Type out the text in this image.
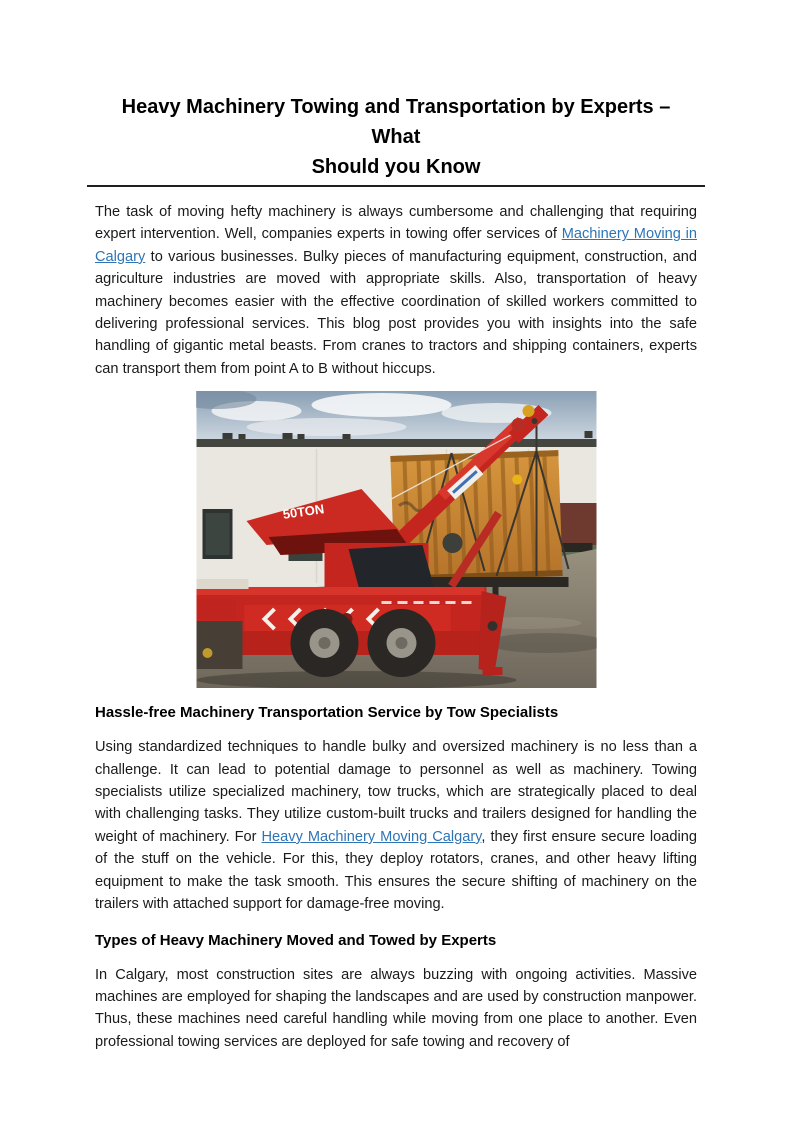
Heavy Machinery Towing and Transportation by Experts – What
Should you Know

The task of moving hefty machinery is always cumbersome and challenging that requiring expert intervention. Well, companies experts in towing offer services of Machinery Moving in Calgary to various businesses. Bulky pieces of manufacturing equipment, construction, and agriculture industries are moved with appropriate skills. Also, transportation of heavy machinery becomes easier with the effective coordination of skilled workers committed to delivering professional services. This blog post provides you with insights into the safe handling of gigantic metal beasts. From cranes to tractors and shipping containers, experts can transport them from point A to B without hiccups.

50TON
Hassle-free Machinery Transportation Service by Tow Specialists

Using standardized techniques to handle bulky and oversized machinery is no less than a challenge. It can lead to potential damage to personnel as well as machinery. Towing specialists utilize specialized machinery, tow trucks, which are strategically placed to deal with challenging tasks. They utilize custom-built trucks and trailers designed for handling the weight of machinery. For Heavy Machinery Moving Calgary, they first ensure secure loading of the stuff on the vehicle. For this, they deploy rotators, cranes, and other heavy lifting equipment to make the task smooth. This ensures the secure shifting of machinery on the trailers with attached support for damage-free moving.

Types of Heavy Machinery Moved and Towed by Experts

In Calgary, most construction sites are always buzzing with ongoing activities. Massive machines are employed for shaping the landscapes and are used by construction manpower. Thus, these machines need careful handling while moving from one place to another. Even professional towing services are deployed for safe towing and recovery of
